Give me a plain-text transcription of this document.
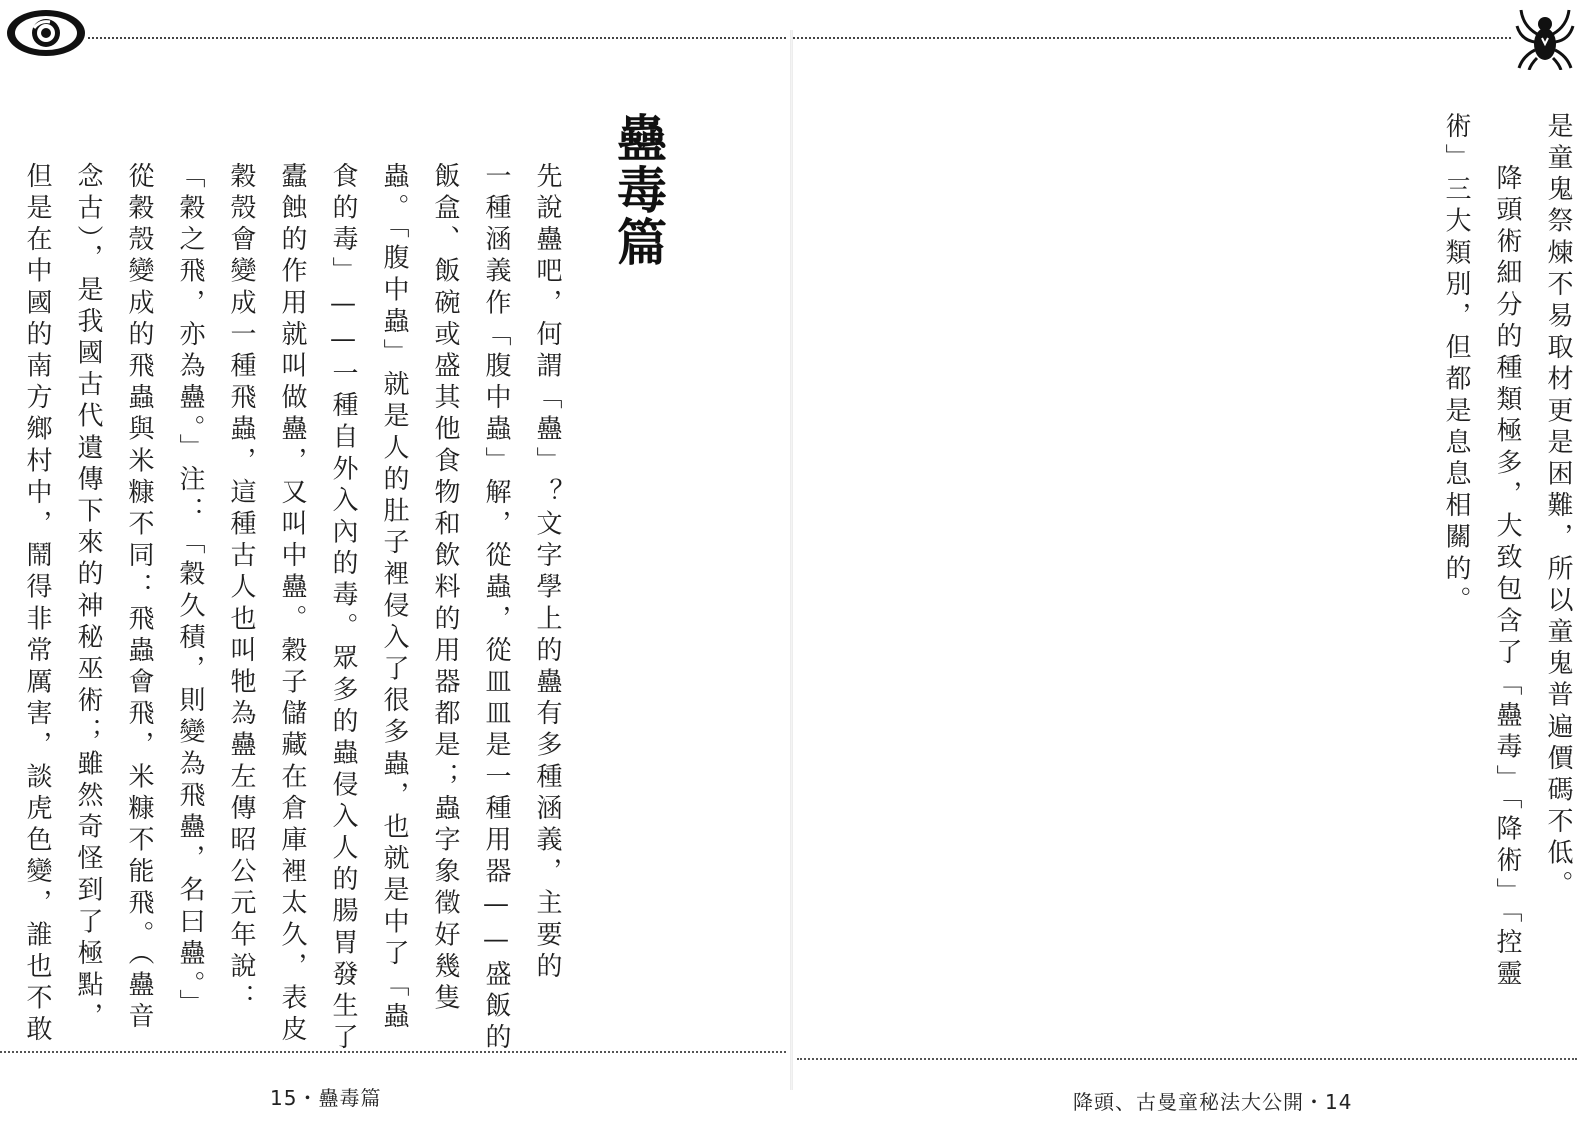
蠱毒篇
先說蠱吧，何謂「蠱」？文字學上的蠱有多種涵義，主要的
一種涵義作「腹中蟲」解，從蟲，從皿皿是一種用器——盛飯的
飯盒、飯碗或盛其他食物和飲料的用器都是；蟲字象徵好幾隻
蟲。「腹中蟲」就是人的肚子裡侵入了很多蟲，也就是中了「蟲
食的毒」——一種自外入內的毒。眾多的蟲侵入人的腸胃發生了
蠹蝕的作用就叫做蠱，又叫中蠱。穀子儲藏在倉庫裡太久，表皮
穀殼會變成一種飛蟲，這種古人也叫牠為蠱左傳昭公元年說：
「穀之飛，亦為蠱。」注：「穀久積，則變為飛蠱，名曰蠱。」
從穀殼變成的飛蟲與米糠不同：飛蟲會飛，米糠不能飛。（蠱音
念古），是我國古代遺傳下來的神秘巫術；雖然奇怪到了極點，
但是在中國的南方鄉村中，鬧得非常厲害，談虎色變，誰也不敢
15・蠱毒篇
是童鬼祭煉不易取材更是困難，所以童鬼普遍價碼不低。
降頭術細分的種類極多，大致包含了「蠱毒」「降術」「控靈
術」三大類別，但都是息息相關的。
降頭、古曼童秘法大公開・14
